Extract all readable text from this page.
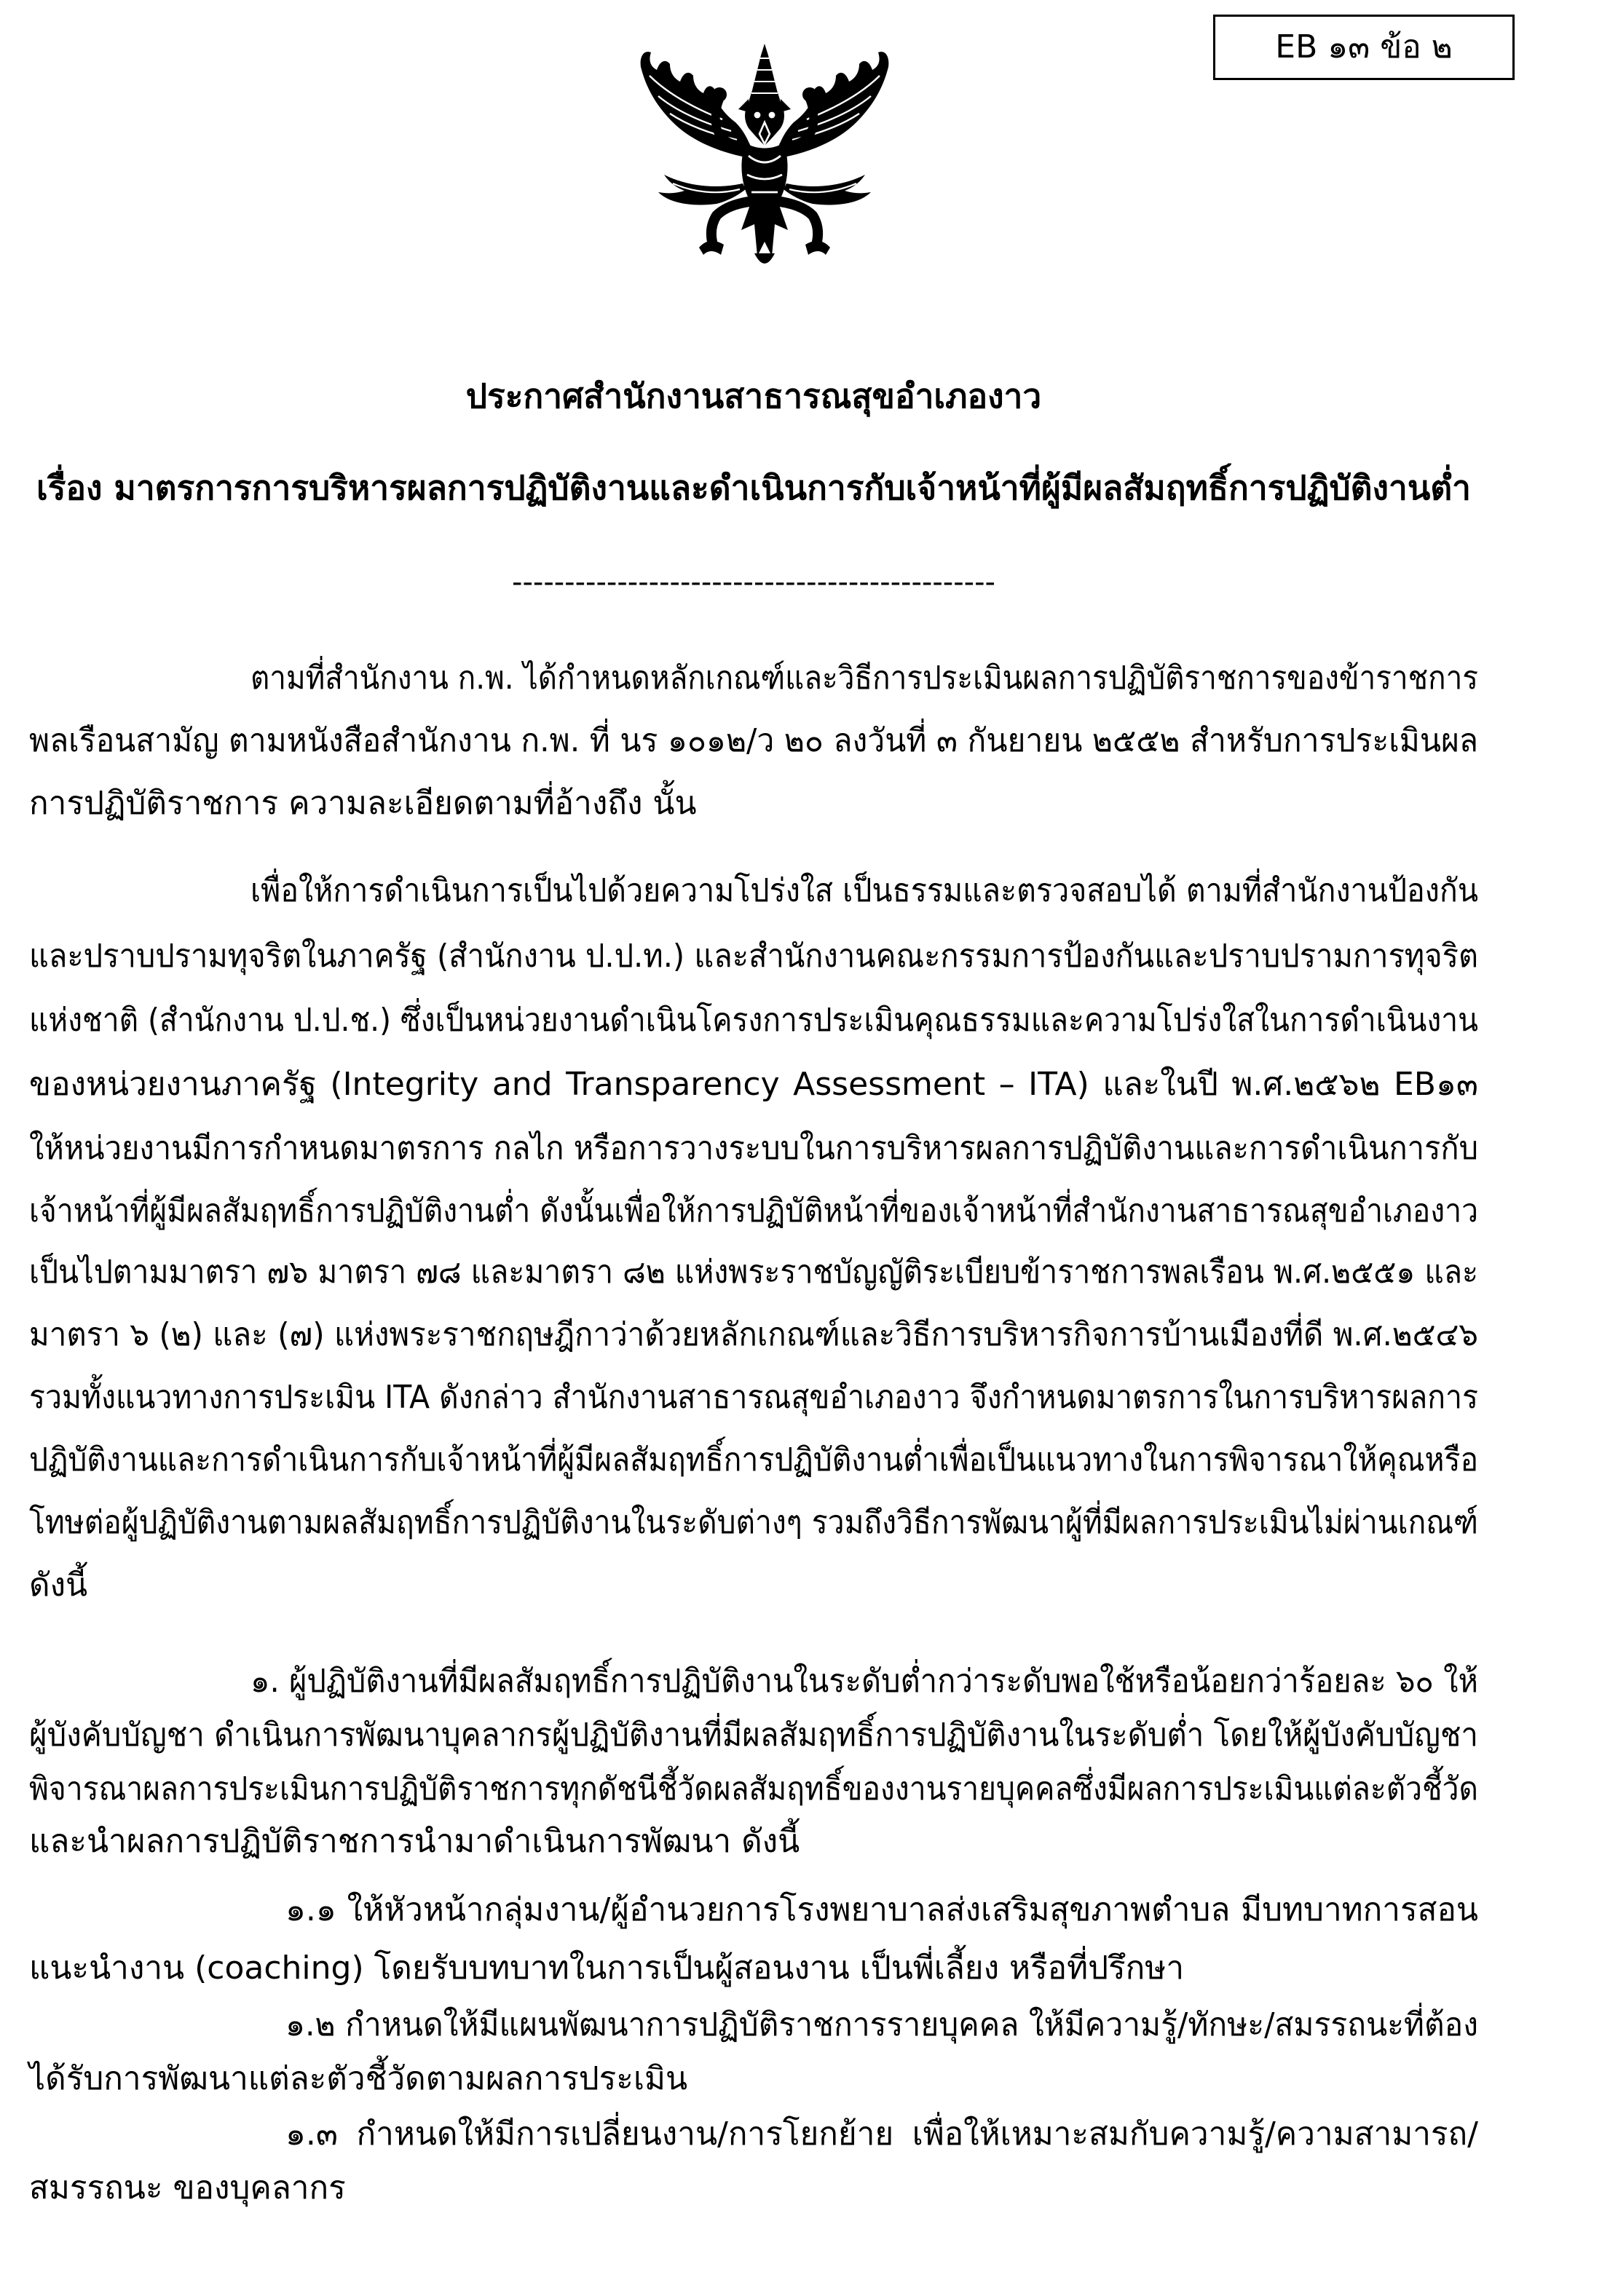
EB ๑๓ ข้อ ๒
ประกาศสำนักงานสาธารณสุขอำเภองาว
เรื่อง มาตรการการบริหารผลการปฏิบัติงานและดำเนินการกับเจ้าหน้าที่ผู้มีผลสัมฤทธิ์การปฏิบัติงานต่ำ
----------------------------------------------
ตามที่สำนักงาน ก.พ. ได้กำหนดหลักเกณฑ์และวิธีการประเมินผลการปฏิบัติราชการของข้าราชการ
พลเรือนสามัญ ตามหนังสือสำนักงาน ก.พ. ที่ นร ๑๐๑๒/ว ๒๐ ลงวันที่ ๓ กันยายน ๒๕๕๒ สำหรับการประเมินผล
การปฏิบัติราชการ ความละเอียดตามที่อ้างถึง นั้น
เพื่อให้การดำเนินการเป็นไปด้วยความโปร่งใส เป็นธรรมและตรวจสอบได้ ตามที่สำนักงานป้องกัน
และปราบปรามทุจริตในภาครัฐ (สำนักงาน ป.ป.ท.) และสำนักงานคณะกรรมการป้องกันและปราบปรามการทุจริต
แห่งชาติ (สำนักงาน ป.ป.ช.) ซึ่งเป็นหน่วยงานดำเนินโครงการประเมินคุณธรรมและความโปร่งใสในการดำเนินงาน
ของหน่วยงานภาครัฐ (Integrity and Transparency Assessment – ITA) และในปี พ.ศ.๒๕๖๒ EB๑๓
ให้หน่วยงานมีการกำหนดมาตรการ กลไก หรือการวางระบบในการบริหารผลการปฏิบัติงานและการดำเนินการกับ
เจ้าหน้าที่ผู้มีผลสัมฤทธิ์การปฏิบัติงานต่ำ ดังนั้นเพื่อให้การปฏิบัติหน้าที่ของเจ้าหน้าที่สำนักงานสาธารณสุขอำเภองาว
เป็นไปตามมาตรา ๗๖ มาตรา ๗๘ และมาตรา ๘๒ แห่งพระราชบัญญัติระเบียบข้าราชการพลเรือน พ.ศ.๒๕๕๑ และ
มาตรา ๖ (๒) และ (๗) แห่งพระราชกฤษฎีกาว่าด้วยหลักเกณฑ์และวิธีการบริหารกิจการบ้านเมืองที่ดี พ.ศ.๒๕๔๖
รวมทั้งแนวทางการประเมิน ITA ดังกล่าว สำนักงานสาธารณสุขอำเภองาว จึงกำหนดมาตรการในการบริหารผลการ
ปฏิบัติงานและการดำเนินการกับเจ้าหน้าที่ผู้มีผลสัมฤทธิ์การปฏิบัติงานต่ำเพื่อเป็นแนวทางในการพิจารณาให้คุณหรือ
โทษต่อผู้ปฏิบัติงานตามผลสัมฤทธิ์การปฏิบัติงานในระดับต่างๆ รวมถึงวิธีการพัฒนาผู้ที่มีผลการประเมินไม่ผ่านเกณฑ์
ดังนี้
๑. ผู้ปฏิบัติงานที่มีผลสัมฤทธิ์การปฏิบัติงานในระดับต่ำกว่าระดับพอใช้หรือน้อยกว่าร้อยละ ๖๐ ให้
ผู้บังคับบัญชา ดำเนินการพัฒนาบุคลากรผู้ปฏิบัติงานที่มีผลสัมฤทธิ์การปฏิบัติงานในระดับต่ำ โดยให้ผู้บังคับบัญชา
พิจารณาผลการประเมินการปฏิบัติราชการทุกดัชนีชี้วัดผลสัมฤทธิ์ของงานรายบุคคลซึ่งมีผลการประเมินแต่ละตัวชี้วัด
และนำผลการปฏิบัติราชการนำมาดำเนินการพัฒนา ดังนี้
๑.๑ ให้หัวหน้ากลุ่มงาน/ผู้อำนวยการโรงพยาบาลส่งเสริมสุขภาพตำบล มีบทบาทการสอน
แนะนำงาน (coaching) โดยรับบทบาทในการเป็นผู้สอนงาน เป็นพี่เลี้ยง หรือที่ปรึกษา
๑.๒ กำหนดให้มีแผนพัฒนาการปฏิบัติราชการรายบุคคล ให้มีความรู้/ทักษะ/สมรรถนะที่ต้อง
ได้รับการพัฒนาแต่ละตัวชี้วัดตามผลการประเมิน
๑.๓ กำหนดให้มีการเปลี่ยนงาน/การโยกย้าย เพื่อให้เหมาะสมกับความรู้/ความสามารถ/
สมรรถนะ ของบุคลากร
